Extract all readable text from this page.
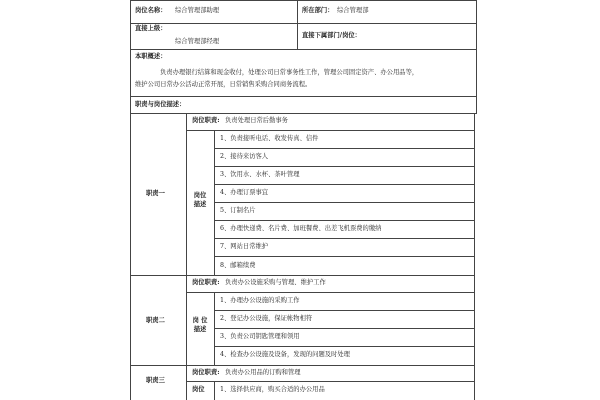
岗位名称： 综合管理部助理	所在部门： 综合管理部
直接上级：
综合管理部经理
直接下属部门/岗位：
本职概述：
负责办理银行结算和现金收付，处理公司日常事务性工作，管理公司固定资产、办公用品等，
维护公司日常办公活动正常开展，日常销售采购合同商务流程。
职责与岗位描述：
职责一
岗位职责: 负责处理日常后勤事务
岗位
描述
1、负责接听电话、收发传真、信件
2、接待来访客人
3、饮用水、水杯、茶叶管理
4、办理订票事宜
5、订制名片
6、办理快递费、名片费、加班餐费、出差飞机票费的缴纳
7、网站日常维护
8、邮箱续费
职责二
岗位职责: 负责办公设施采购与管理、维护工作
岗 位
描述
1、办理办公设施的采购工作
2、登记办公设施，保证帐物相符
3、负责公司钥匙管理和领用
4、检查办公设施及设备，发现的问题及时处理
职责三
岗位职责: 负责办公用品的订购和管理
岗位 1、选择供应商，购买合适的办公用品
